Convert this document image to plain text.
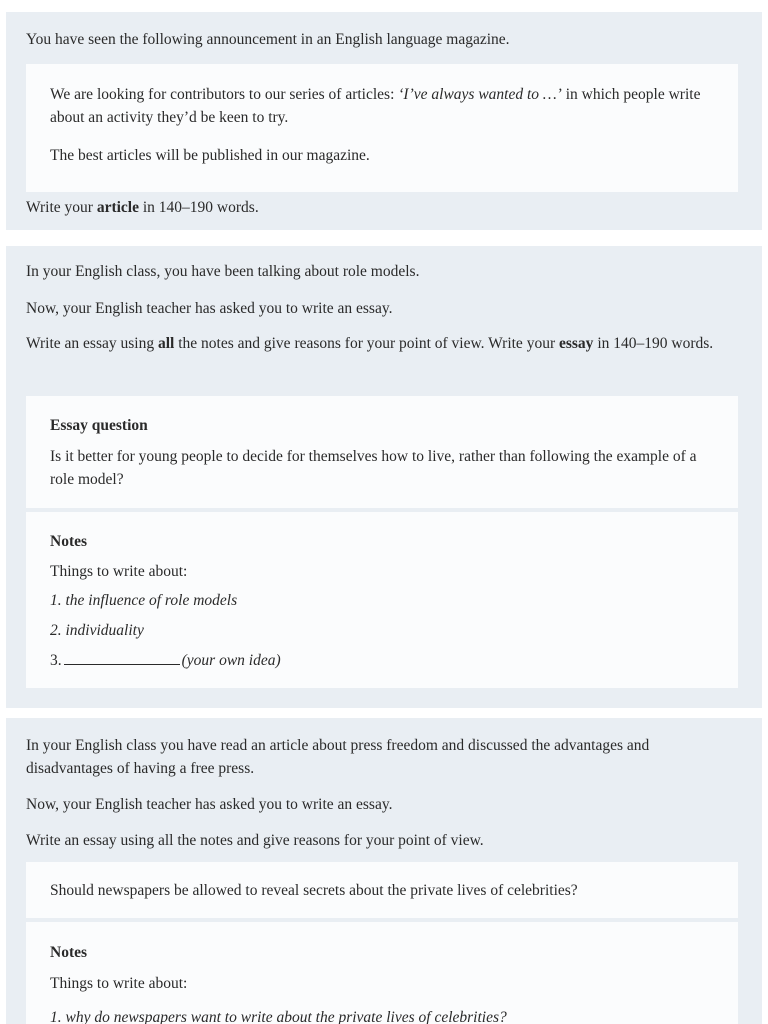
You have seen the following announcement in an English language magazine.

We are looking for contributors to our series of articles: ‘I’ve always wanted to …’ in which people write about an activity they’d be keen to try.

The best articles will be published in our magazine.

Write your article in 140–190 words.

In your English class, you have been talking about role models.

Now, your English teacher has asked you to write an essay.

Write an essay using all the notes and give reasons for your point of view. Write your essay in 140–190 words.

Essay question

Is it better for young people to decide for themselves how to live, rather than following the example of a role model?

Notes

Things to write about:

1. the influence of role models

2. individuality

3.	(your own idea)

In your English class you have read an article about press freedom and discussed the advantages and disadvantages of having a free press.

Now, your English teacher has asked you to write an essay.

Write an essay using all the notes and give reasons for your point of view.

Should newspapers be allowed to reveal secrets about the private lives of celebrities?

Notes

Things to write about:

1. why do newspapers want to write about the private lives of celebrities?
